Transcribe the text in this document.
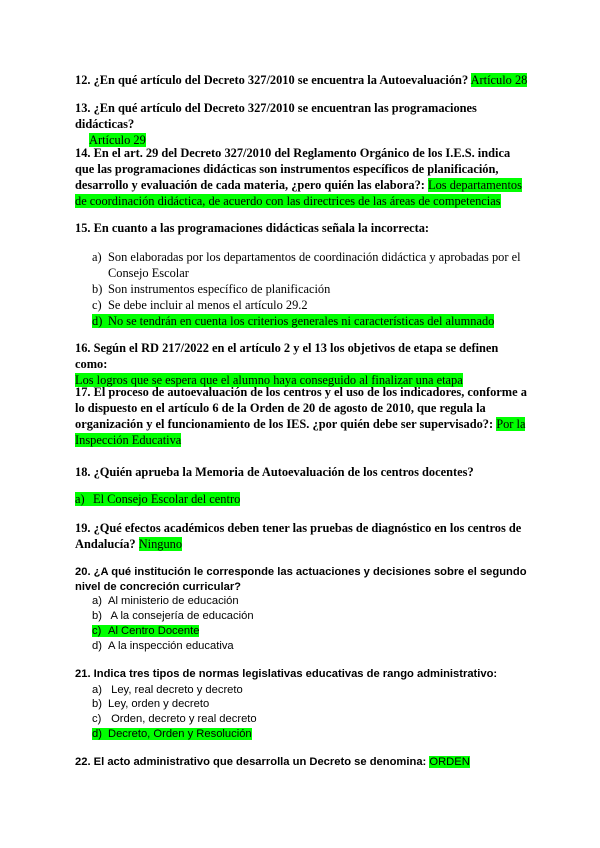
12. ¿En qué artículo del Decreto 327/2010 se encuentra la Autoevaluación? Artículo 28
13. ¿En qué artículo del Decreto 327/2010 se encuentran las programaciones didácticas?
Artículo 29
14. En el art. 29 del Decreto 327/2010 del Reglamento Orgánico de los I.E.S. indica que las programaciones didácticas son instrumentos específicos de planificación, desarrollo y evaluación de cada materia, ¿pero quién las elabora?: Los departamentos de coordinación didáctica, de acuerdo con las directrices de las áreas de competencias
15. En cuanto a las programaciones didácticas señala la incorrecta:
a) Son elaboradas por los departamentos de coordinación didáctica y aprobadas por el
Consejo Escolar
b) Son instrumentos específico de planificación
c) Se debe incluir al menos el artículo 29.2
d) No se tendrán en cuenta los criterios generales ni características del alumnado
16. Según el RD 217/2022 en el artículo 2 y el 13 los objetivos de etapa se definen como:
Los logros que se espera que el alumno haya conseguido al finalizar una etapa
17. El proceso de autoevaluación de los centros y el uso de los indicadores, conforme a lo dispuesto en el artículo 6 de la Orden de 20 de agosto de 2010, que regula la organización y el funcionamiento de los IES. ¿por quién debe ser supervisado?: Por la Inspección Educativa
18. ¿Quién aprueba la Memoria de Autoevaluación de los centros docentes?
a) El Consejo Escolar del centro
19. ¿Qué efectos académicos deben tener las pruebas de diagnóstico en los centros de Andalucía? Ninguno
20. ¿A qué institución le corresponde las actuaciones y decisiones sobre el segundo nivel de concreción curricular?
a) Al ministerio de educación
b) A la consejería de educación
c) Al Centro Docente
d) A la inspección educativa
21. Indica tres tipos de normas legislativas educativas de rango administrativo:
a) Ley, real decreto y decreto
b) Ley, orden y decreto
c) Orden, decreto y real decreto
d) Decreto, Orden y Resolución
22. El acto administrativo que desarrolla un Decreto se denomina: ORDEN
